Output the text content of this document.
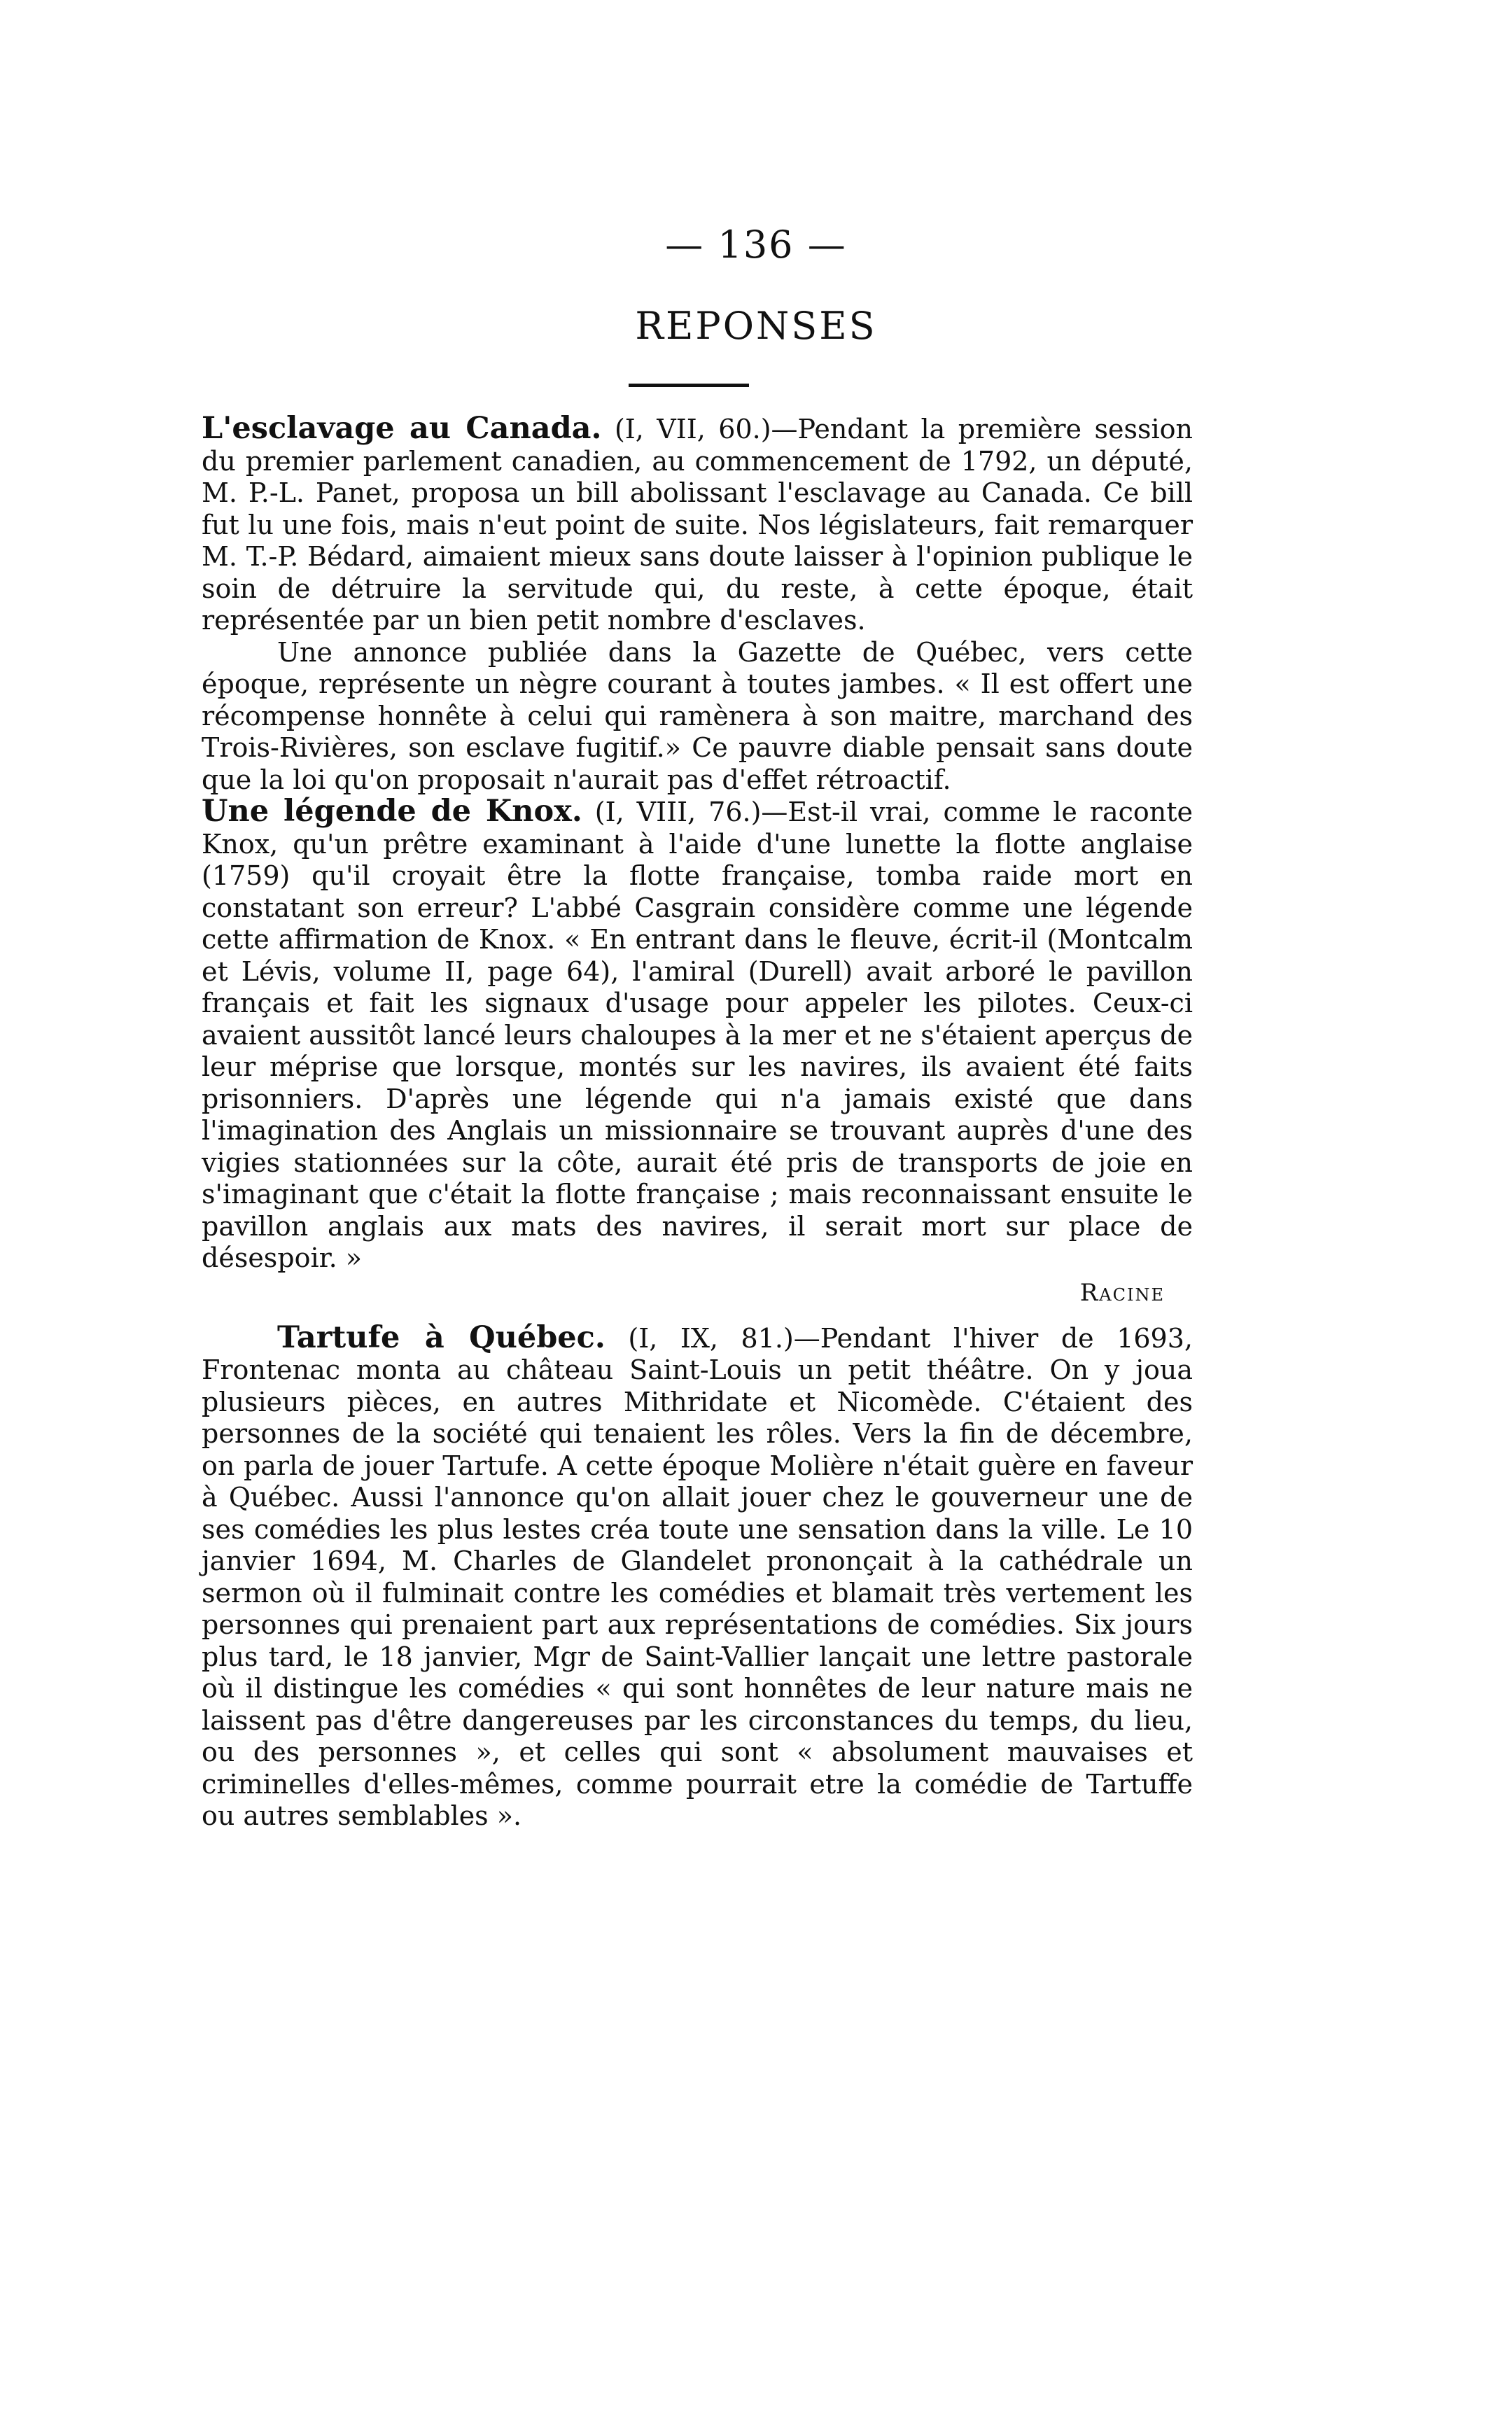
— 136 —
REPONSES

L'esclavage au Canada. (I, VII, 60.)—Pendant la première session du premier parlement canadien, au commencement de 1792, un député, M. P.-L. Panet, proposa un bill abolissant l'esclavage au Canada. Ce bill fut lu une fois, mais n'eut point de suite. Nos législateurs, fait remarquer M. T.-P. Bédard, aimaient mieux sans doute laisser à l'opinion publique le soin de détruire la servitude qui, du reste, à cette époque, était représentée par un bien petit nombre d'esclaves.

Une annonce publiée dans la Gazette de Québec, vers cette époque, représente un nègre courant à toutes jambes. « Il est offert une récompense honnête à celui qui ramènera à son maitre, marchand des Trois-Rivières, son esclave fugitif.» Ce pauvre diable pensait sans doute que la loi qu'on proposait n'aurait pas d'effet rétroactif.

Une légende de Knox. (I, VIII, 76.)—Est-il vrai, comme le raconte Knox, qu'un prêtre examinant à l'aide d'une lunette la flotte anglaise (1759) qu'il croyait être la flotte française, tomba raide mort en constatant son erreur? L'abbé Casgrain considère comme une légende cette affirmation de Knox. « En entrant dans le fleuve, écrit-il (Montcalm et Lévis, volume II, page 64), l'amiral (Durell) avait arboré le pavillon français et fait les signaux d'usage pour appeler les pilotes. Ceux-ci avaient aussitôt lancé leurs chaloupes à la mer et ne s'étaient aperçus de leur méprise que lorsque, montés sur les navires, ils avaient été faits prisonniers. D'après une légende qui n'a jamais existé que dans l'imagination des Anglais un missionnaire se trouvant auprès d'une des vigies stationnées sur la côte, aurait été pris de transports de joie en s'imaginant que c'était la flotte française ; mais reconnaissant ensuite le pavillon anglais aux mats des navires, il serait mort sur place de désespoir. »

Racine

Tartufe à Québec. (I, IX, 81.)—Pendant l'hiver de 1693, Frontenac monta au château Saint-Louis un petit théâtre. On y joua plusieurs pièces, en autres Mithridate et Nicomède. C'étaient des personnes de la société qui tenaient les rôles. Vers la fin de décembre, on parla de jouer Tartufe. A cette époque Molière n'était guère en faveur à Québec. Aussi l'annonce qu'on allait jouer chez le gouverneur une de ses comédies les plus lestes créa toute une sensation dans la ville. Le 10 janvier 1694, M. Charles de Glandelet prononçait à la cathédrale un sermon où il fulminait contre les comédies et blamait très vertement les personnes qui prenaient part aux représentations de comédies. Six jours plus tard, le 18 janvier, Mgr de Saint-Vallier lançait une lettre pastorale où il distingue les comédies « qui sont honnêtes de leur nature mais ne laissent pas d'être dangereuses par les circonstances du temps, du lieu, ou des personnes », et celles qui sont « absolument mauvaises et criminelles d'elles-mêmes, comme pourrait etre la comédie de Tartuffe ou autres semblables ».
